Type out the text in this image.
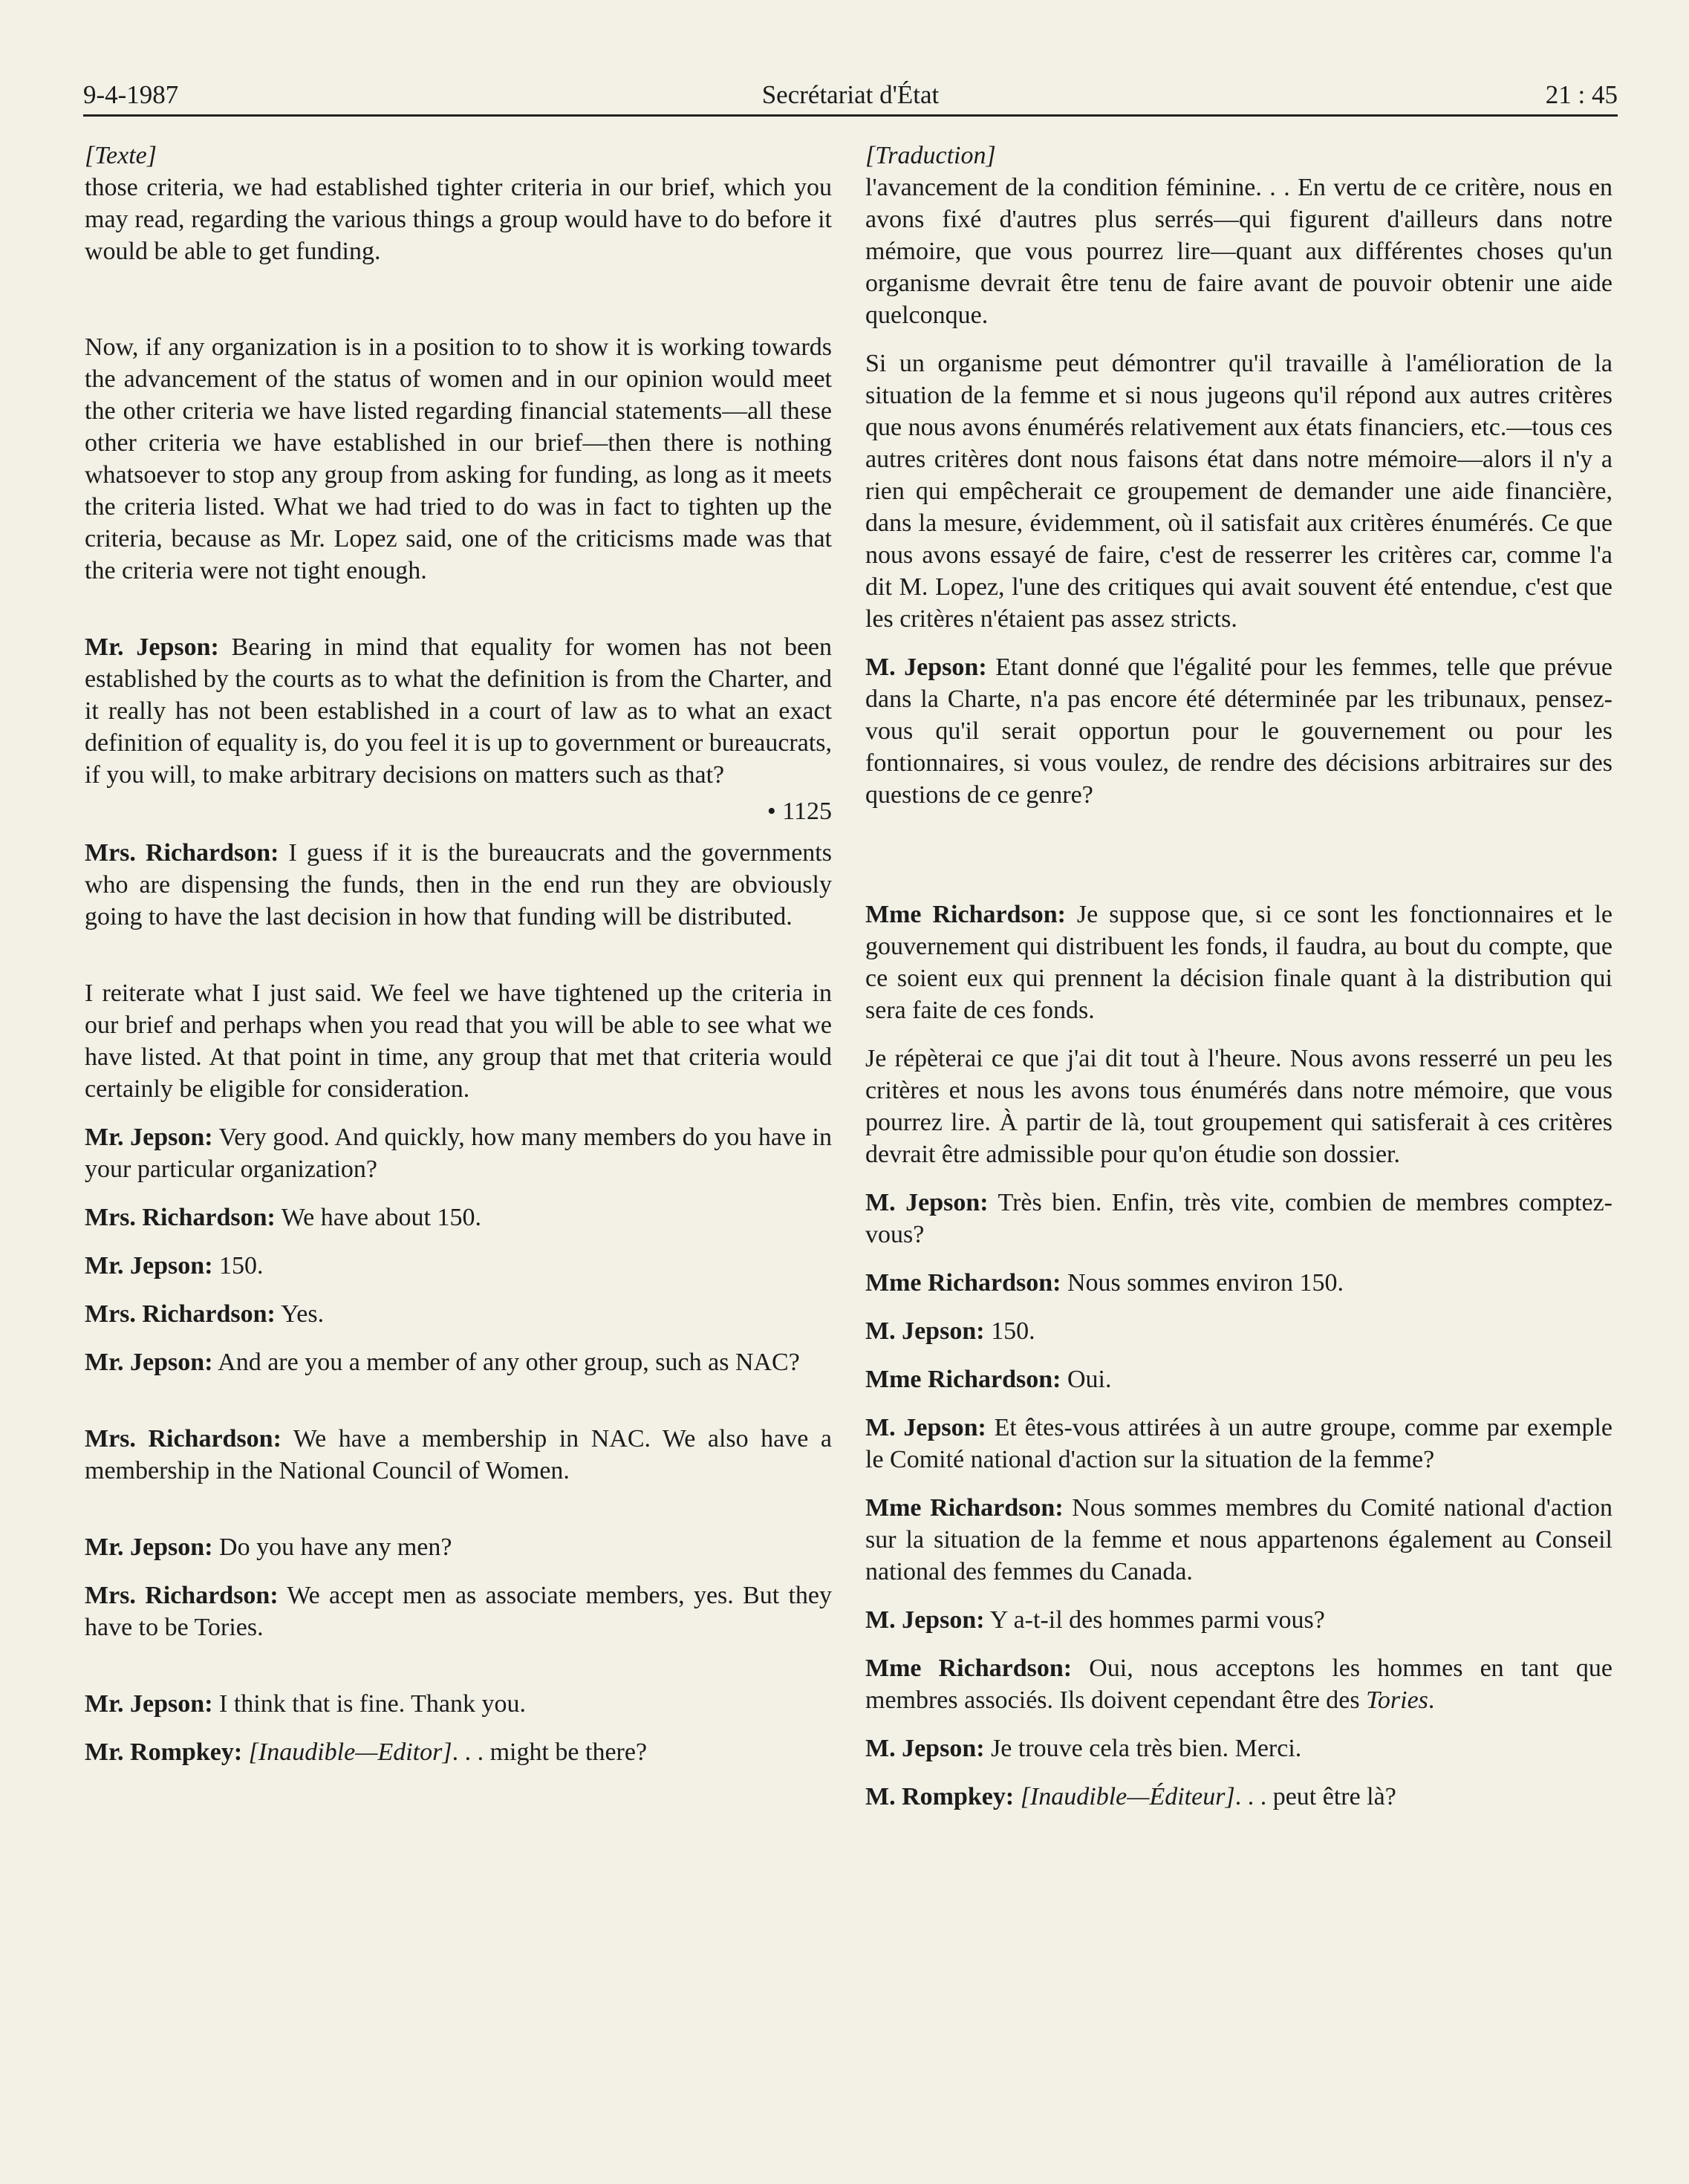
9-4-1987	Secrétariat d'État	21 : 45

[Texte]

those criteria, we had established tighter criteria in our brief, which you may read, regarding the various things a group would have to do before it would be able to get funding.

Now, if any organization is in a position to to show it is working towards the advancement of the status of women and in our opinion would meet the other criteria we have listed regarding financial statements—all these other criteria we have established in our brief—then there is nothing whatsoever to stop any group from asking for funding, as long as it meets the criteria listed. What we had tried to do was in fact to tighten up the criteria, because as Mr. Lopez said, one of the criticisms made was that the criteria were not tight enough.

Mr. Jepson: Bearing in mind that equality for women has not been established by the courts as to what the definition is from the Charter, and it really has not been established in a court of law as to what an exact definition of equality is, do you feel it is up to government or bureaucrats, if you will, to make arbitrary decisions on matters such as that?

• 1125

Mrs. Richardson: I guess if it is the bureaucrats and the governments who are dispensing the funds, then in the end run they are obviously going to have the last decision in how that funding will be distributed.

I reiterate what I just said. We feel we have tightened up the criteria in our brief and perhaps when you read that you will be able to see what we have listed. At that point in time, any group that met that criteria would certainly be eligible for consideration.

Mr. Jepson: Very good. And quickly, how many members do you have in your particular organization?

Mrs. Richardson: We have about 150.

Mr. Jepson: 150.

Mrs. Richardson: Yes.

Mr. Jepson: And are you a member of any other group, such as NAC?

Mrs. Richardson: We have a membership in NAC. We also have a membership in the National Council of Women.

Mr. Jepson: Do you have any men?

Mrs. Richardson: We accept men as associate members, yes. But they have to be Tories.

Mr. Jepson: I think that is fine. Thank you.

Mr. Rompkey: [Inaudible—Editor]. . . might be there?

[Traduction]

l'avancement de la condition féminine. . . En vertu de ce critère, nous en avons fixé d'autres plus serrés—qui figurent d'ailleurs dans notre mémoire, que vous pourrez lire—quant aux différentes choses qu'un organisme devrait être tenu de faire avant de pouvoir obtenir une aide quelconque.

Si un organisme peut démontrer qu'il travaille à l'amélioration de la situation de la femme et si nous jugeons qu'il répond aux autres critères que nous avons énumérés relativement aux états financiers, etc.—tous ces autres critères dont nous faisons état dans notre mémoire—alors il n'y a rien qui empêcherait ce groupement de demander une aide financière, dans la mesure, évidemment, où il satisfait aux critères énumérés. Ce que nous avons essayé de faire, c'est de resserrer les critères car, comme l'a dit M. Lopez, l'une des critiques qui avait souvent été entendue, c'est que les critères n'étaient pas assez stricts.

M. Jepson: Etant donné que l'égalité pour les femmes, telle que prévue dans la Charte, n'a pas encore été déterminée par les tribunaux, pensez-vous qu'il serait opportun pour le gouvernement ou pour les fontionnaires, si vous voulez, de rendre des décisions arbitraires sur des questions de ce genre?

Mme Richardson: Je suppose que, si ce sont les fonctionnaires et le gouvernement qui distribuent les fonds, il faudra, au bout du compte, que ce soient eux qui prennent la décision finale quant à la distribution qui sera faite de ces fonds.

Je répèterai ce que j'ai dit tout à l'heure. Nous avons resserré un peu les critères et nous les avons tous énumérés dans notre mémoire, que vous pourrez lire. À partir de là, tout groupement qui satisferait à ces critères devrait être admissible pour qu'on étudie son dossier.

M. Jepson: Très bien. Enfin, très vite, combien de membres comptez-vous?

Mme Richardson: Nous sommes environ 150.

M. Jepson: 150.

Mme Richardson: Oui.

M. Jepson: Et êtes-vous attirées à un autre groupe, comme par exemple le Comité national d'action sur la situation de la femme?

Mme Richardson: Nous sommes membres du Comité national d'action sur la situation de la femme et nous appartenons également au Conseil national des femmes du Canada.

M. Jepson: Y a-t-il des hommes parmi vous?

Mme Richardson: Oui, nous acceptons les hommes en tant que membres associés. Ils doivent cependant être des Tories.

M. Jepson: Je trouve cela très bien. Merci.

M. Rompkey: [Inaudible—Éditeur]. . . peut être là?
